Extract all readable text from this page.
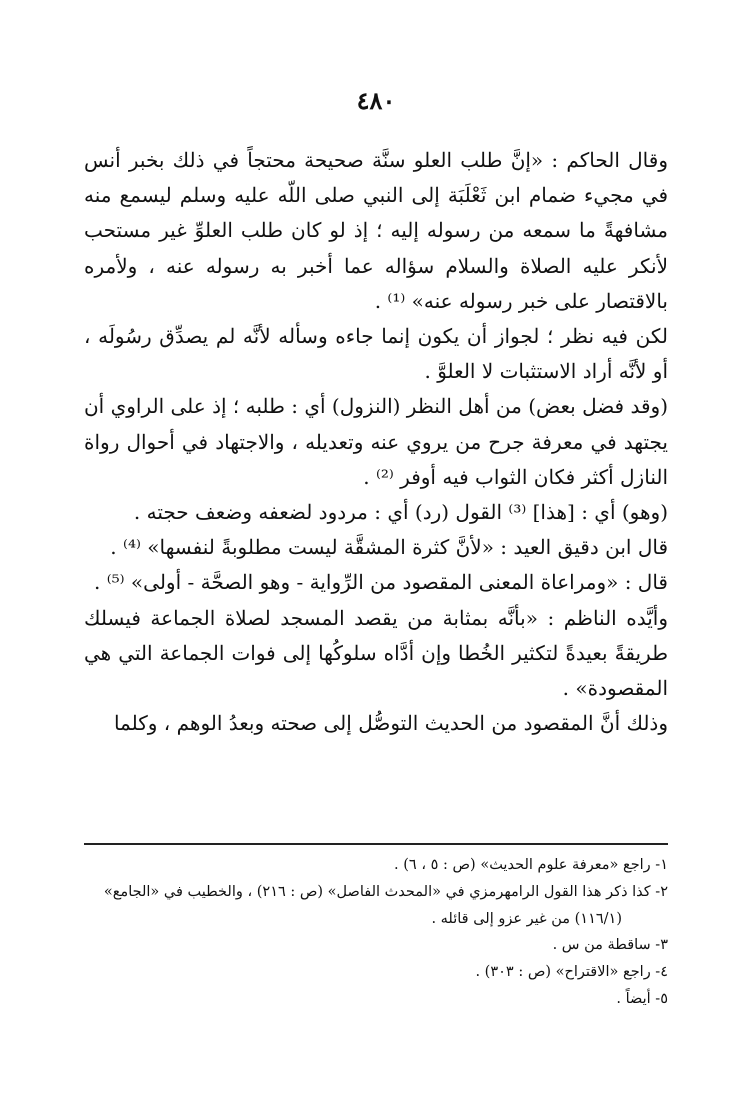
٤٨٠

وقال الحاكم : «إنَّ طلب العلو سنَّة صحيحة محتجاً في ذلك بخبر أنس في مجيء ضمام ابن ثَعْلَبَة إلى النبي صلى اللّه عليه وسلم ليسمع منه مشافهةً ما سمعه من رسوله إليه ؛ إذ لو كان طلب العلوِّ غير مستحب لأنكر عليه الصلاة والسلام سؤاله عما أخبر به رسوله عنه ، ولأمره بالاقتصار على خبر رسوله عنه» ⁽¹⁾ .

لكن فيه نظر ؛ لجواز أن يكون إنما جاءه وسأله لأنَّه لم يصدِّق رسُولَه ، أو لأنَّه أراد الاستثبات لا العلوَّ .

(وقد فضل بعض) من أهل النظر (النزول) أي : طلبه ؛ إذ على الراوي أن يجتهد في معرفة جرح من يروي عنه وتعديله ، والاجتهاد في أحوال رواة النازل أكثر فكان الثواب فيه أوفر ⁽²⁾ .

(وهو) أي : [هذا] ⁽³⁾ القول (رد) أي : مردود لضعفه وضعف حجته .

قال ابن دقيق العيد : «لأنَّ كثرة المشقَّة ليست مطلوبةً لنفسها» ⁽⁴⁾ .

قال : «ومراعاة المعنى المقصود من الرِّواية - وهو الصحَّة - أولى» ⁽⁵⁾ .

وأيَّده الناظم : «بأنَّه بمثابة من يقصد المسجد لصلاة الجماعة فيسلك طريقةً بعيدةً لتكثير الخُطا وإن أدَّاه سلوكُها إلى فوات الجماعة التي هي المقصودة» .

وذلك أنَّ المقصود من الحديث التوصُّل إلى صحته وبعدُ الوهم ، وكلما

١- راجع «معرفة علوم الحديث» (ص : ٥ ، ٦) .

٢- كذا ذكر هذا القول الرامهرمزي في «المحدث الفاصل» (ص : ٢١٦) ، والخطيب في «الجامع»

(١١٦/١) من غير عزو إلى قائله .

٣- ساقطة من س .

٤- راجع «الاقتراح» (ص : ٣٠٣) .

٥- أيضاً .
